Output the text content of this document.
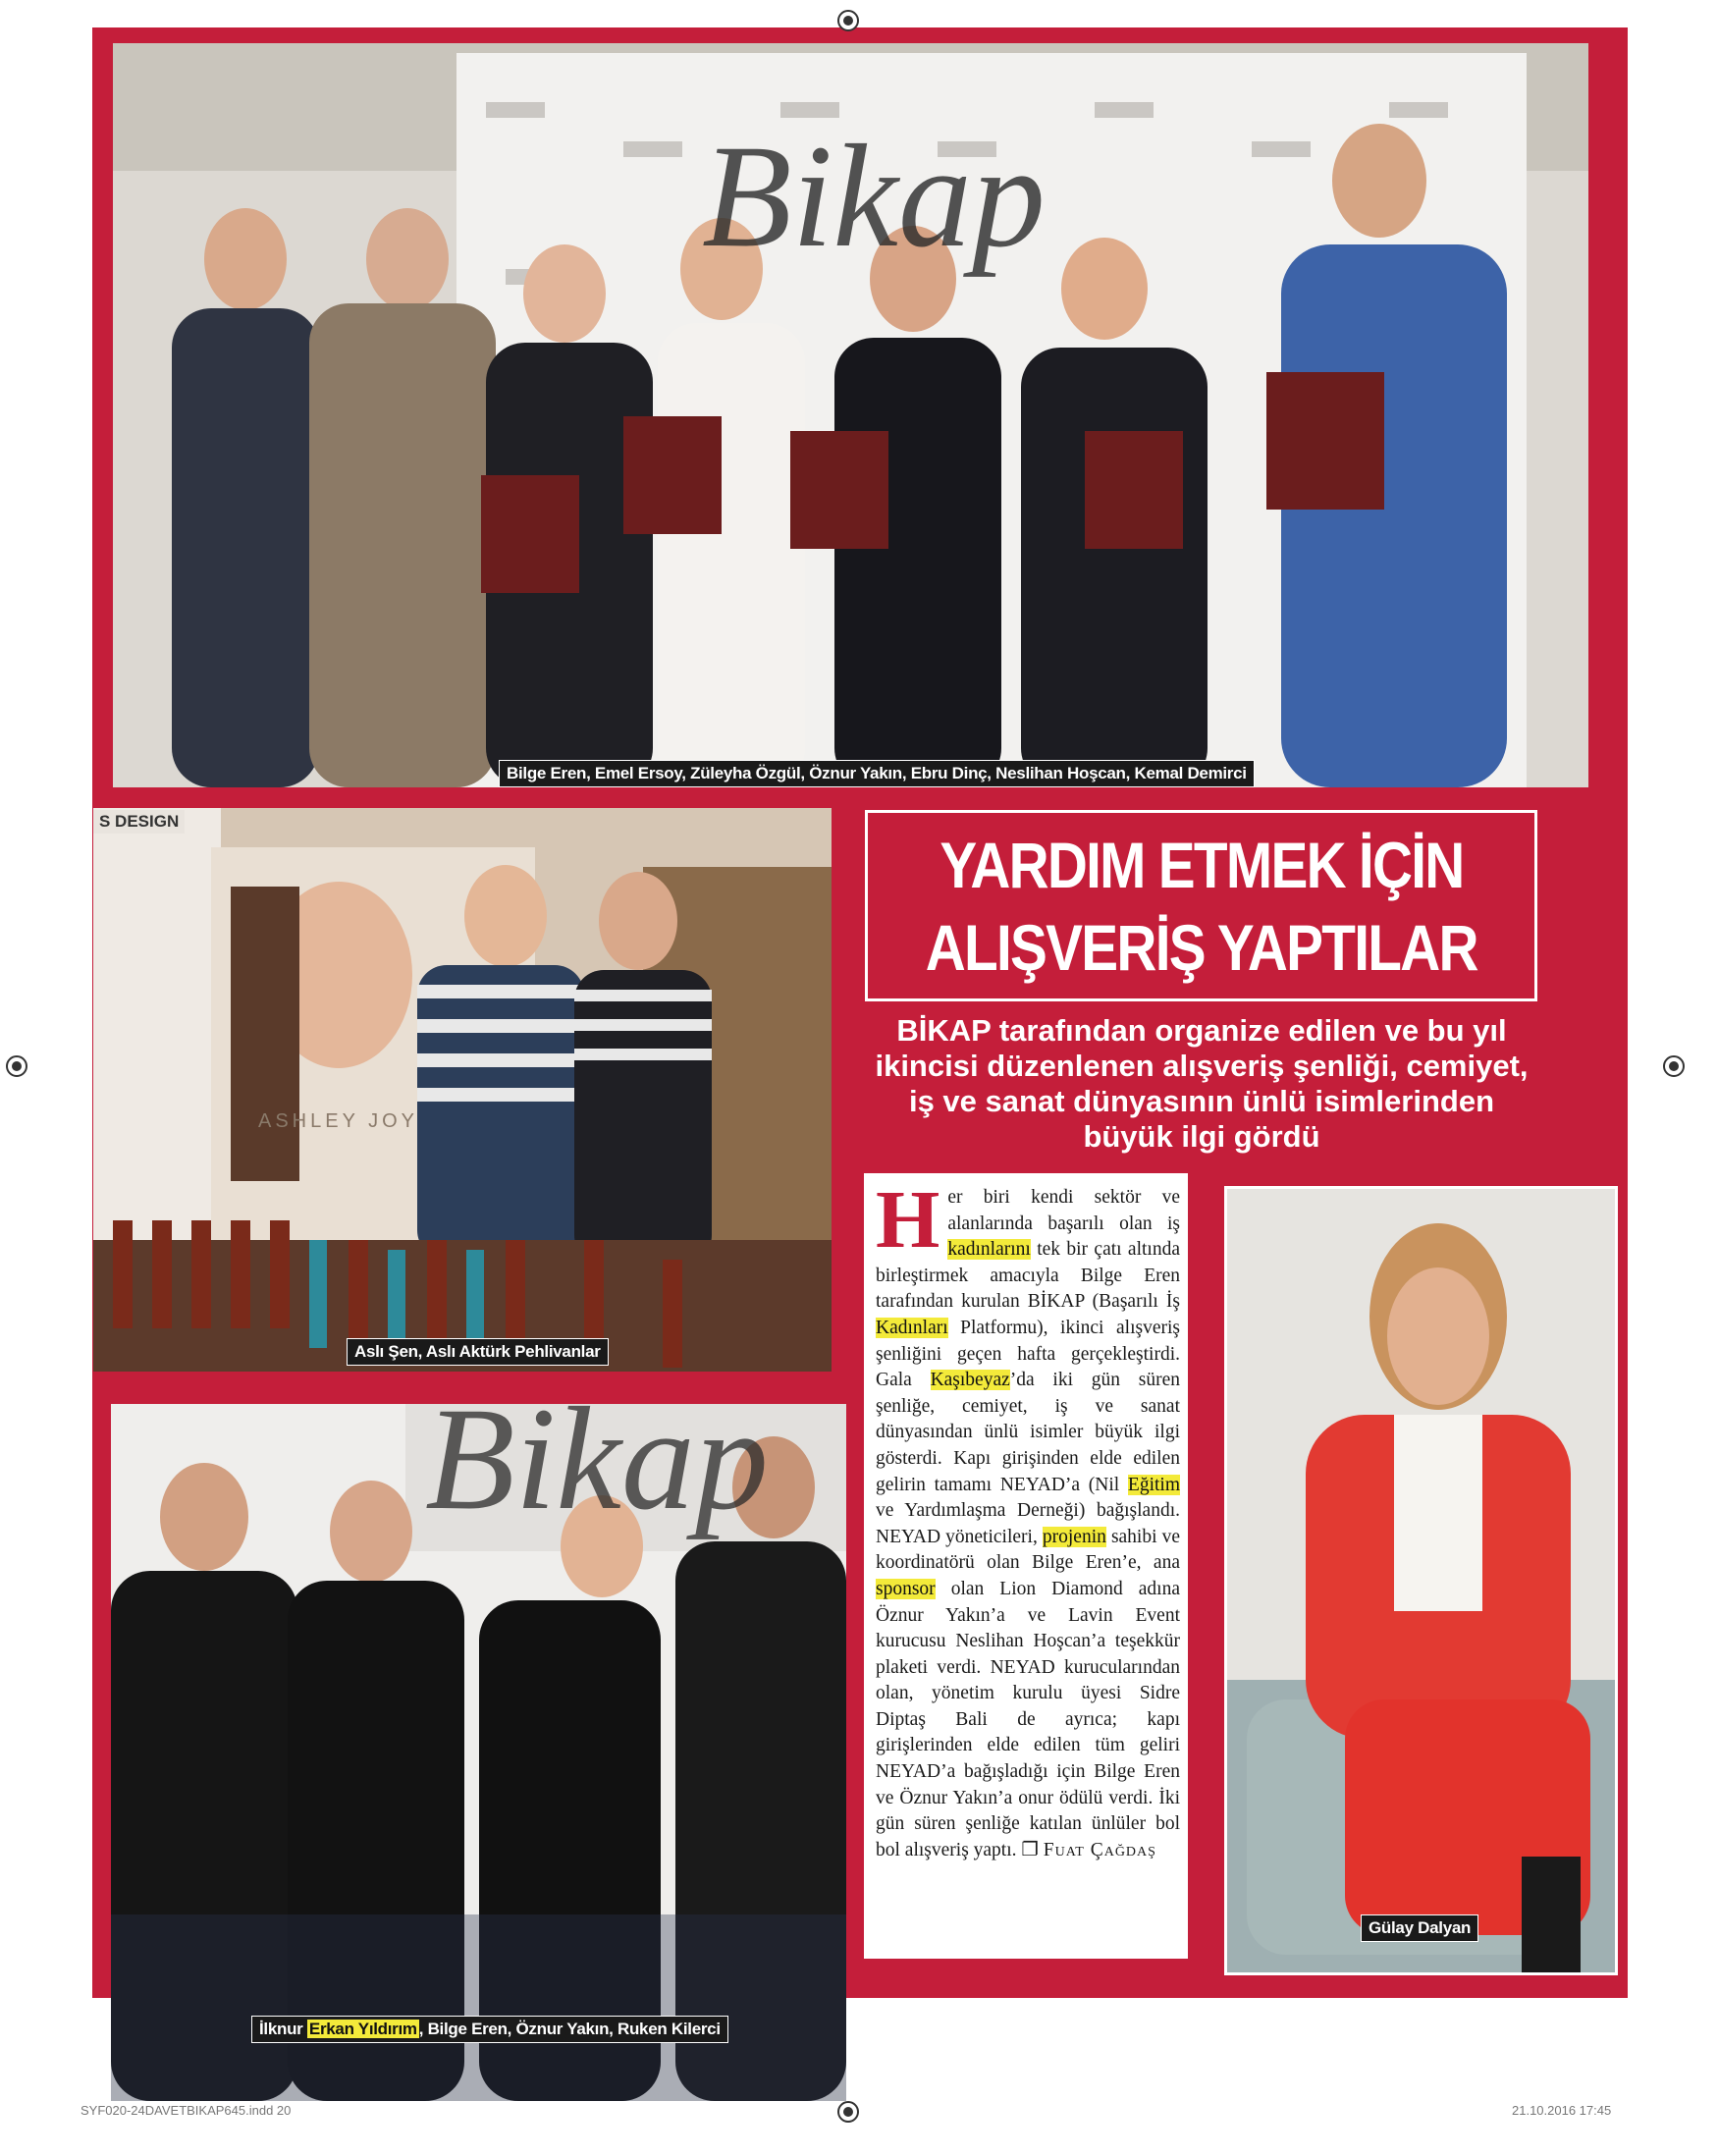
Bikap
Bilge Eren, Emel Ersoy, Züleyha Özgül, Öznur Yakın, Ebru Dinç, Neslihan Hoşcan, Kemal Demirci
S DESIGN
ASHLEY JOY
Aslı Şen, Aslı Aktürk Pehlivanlar
Bikap
İlknur Erkan Yıldırım , Bilge Eren, Öznur Yakın, Ruken Kilerci
YARDIM ETMEK İÇİN
ALIŞVERİŞ YAPTILAR
BİKAP tarafından organize edilen ve bu yıl ikincisi düzenlenen alışveriş şenliği, cemiyet, iş ve sanat dünyasının ünlü isimlerinden büyük ilgi gördü

H er biri kendi sektör ve alanlarında başarılı olan iş kadınlarını tek bir çatı altında birleştirmek amacıyla Bilge Eren tarafından kurulan BİKAP (Başarılı İş Kadınları Platformu), ikinci alışveriş şenliğini geçen hafta gerçekleştirdi. Gala Kaşıbeyaz’da iki gün süren şenliğe, cemiyet, iş ve sanat dünyasından ünlü isimler büyük ilgi gösterdi. Kapı girişinden elde edilen gelirin tamamı NEYAD’a (Nil Eğitim ve Yardımlaşma Derneği) bağışlandı. NEYAD yöneticileri, projenin sahibi ve koordinatörü olan Bilge Eren’e, ana sponsor olan Lion Diamond adına Öznur Yakın’a ve Lavin Event kurucusu Neslihan Hoşcan’a teşekkür plaketi verdi. NEYAD kurucularından olan, yönetim kurulu üyesi Sidre Diptaş Bali de ayrıca; kapı girişlerinden elde edilen tüm geliri NEYAD’a bağışladığı için Bilge Eren ve Öznur Yakın’a onur ödülü verdi. İki gün süren şenliğe katılan ünlüler bol bol alışveriş yaptı. ❐ Fuat Çağdaş

Gülay Dalyan
SYF020-24DAVETBIKAP645.indd 20	21.10.2016 17:45
